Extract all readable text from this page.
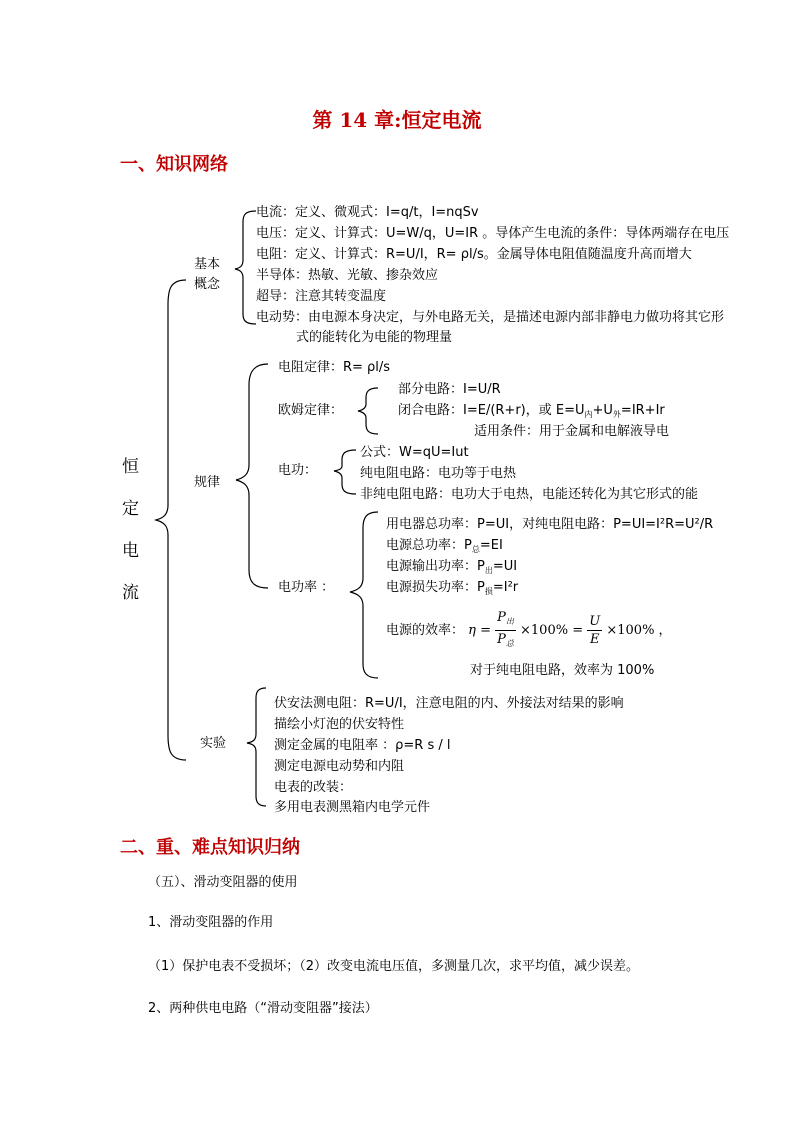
第 14 章:恒定电流
一、知识网络
恒
定
电
流
基本
概念
电流：定义、微观式：I=q/t，I=nqSv
电压：定义、计算式：U=W/q，U=IR 。导体产生电流的条件：导体两端存在电压
电阻：定义、计算式：R=U/I，R= ρl/s。金属导体电阻值随温度升高而增大
半导体：热敏、光敏、掺杂效应
超导：注意其转变温度
电动势：由电源本身决定，与外电路无关，是描述电源内部非静电力做功将其它形
式的能转化为电能的物理量
规律
电阻定律：R= ρl/s
欧姆定律：
部分电路：I=U/R
闭合电路：I=E/(R+r)，或 $E=U_内+U_外=IR+Ir$
适用条件：用于金属和电解液导电
电功：
公式：W=qU=Iut
纯电阻电路：电功等于电热
非纯电阻电路：电功大于电热，电能还转化为其它形式的能
电功率 ：
用电器总功率：P=UI，对纯电阻电路：P=UI=I²R=U²/R
电源总功率：$P_总=EI$
电源输出功率：$P_出=UI$
电源损失功率：$P_损=I^2r$
电源的效率： $\eta = \frac{P_出}{P_总} \times 100\% = \frac{U}{E} \times 100\%$ ，
对于纯电阻电路，效率为 100%
实验
伏安法测电阻：R=U/I，注意电阻的内、外接法对结果的影响
描绘小灯泡的伏安特性
测定金属的电阻率 ：ρ=R s / l
测定电源电动势和内阻
电表的改装：
多用电表测黑箱内电学元件
二、重、难点知识归纳
（五）、滑动变阻器的使用
1、滑动变阻器的作用
（1）保护电表不受损坏；（2）改变电流电压值，多测量几次，求平均值，减少误差。
2、两种供电电路（“滑动变阻器”接法）
